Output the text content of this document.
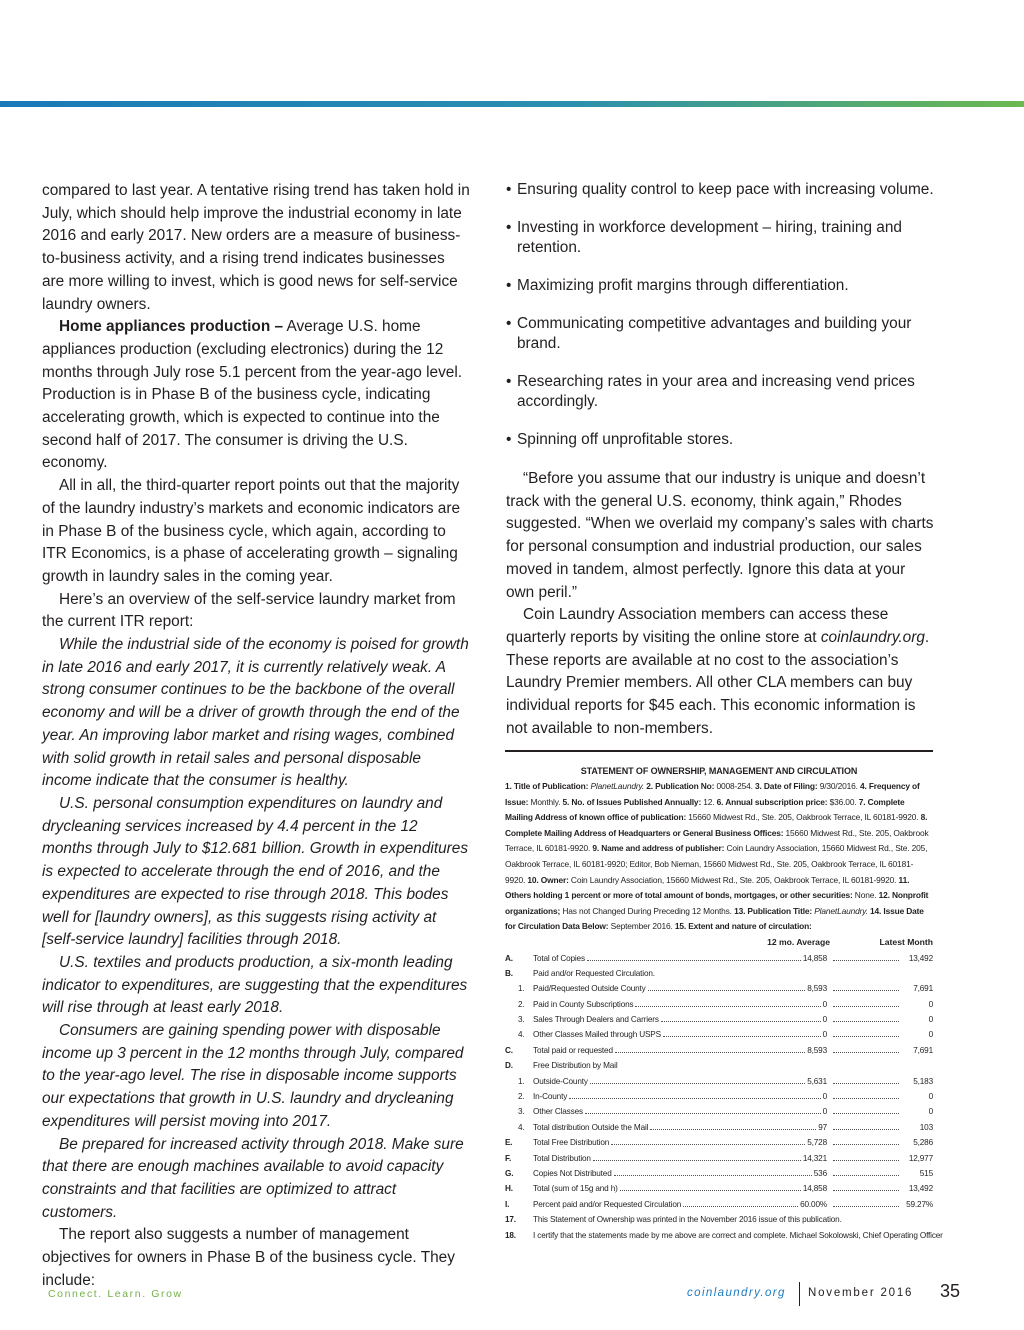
compared to last year. A tentative rising trend has taken hold in July, which should help improve the industrial economy in late 2016 and early 2017. New orders are a measure of business-to-business activity, and a rising trend indicates businesses are more willing to invest, which is good news for self-service laundry owners.

Home appliances production – Average U.S. home appliances production (excluding electronics) during the 12 months through July rose 5.1 percent from the year-ago level. Production is in Phase B of the business cycle, indicating accelerating growth, which is expected to continue into the second half of 2017. The consumer is driving the U.S. economy.

All in all, the third-quarter report points out that the majority of the laundry industry’s markets and economic indicators are in Phase B of the business cycle, which again, according to ITR Economics, is a phase of accelerating growth – signaling growth in laundry sales in the coming year.

Here’s an overview of the self-service laundry market from the current ITR report:

While the industrial side of the economy is poised for growth in late 2016 and early 2017, it is currently relatively weak. A strong consumer continues to be the backbone of the overall economy and will be a driver of growth through the end of the year. An improving labor market and rising wages, combined with solid growth in retail sales and personal disposable income indicate that the consumer is healthy.

U.S. personal consumption expenditures on laundry and drycleaning services increased by 4.4 percent in the 12 months through July to $12.681 billion. Growth in expenditures is expected to accelerate through the end of 2016, and the expenditures are expected to rise through 2018. This bodes well for [laundry owners], as this suggests rising activity at [self-service laundry] facilities through 2018.

U.S. textiles and products production, a six-month leading indicator to expenditures, are suggesting that the expenditures will rise through at least early 2018.

Consumers are gaining spending power with disposable income up 3 percent in the 12 months through July, compared to the year-ago level. The rise in disposable income supports our expectations that growth in U.S. laundry and drycleaning expenditures will persist moving into 2017.

Be prepared for increased activity through 2018. Make sure that there are enough machines available to avoid capacity constraints and that facilities are optimized to attract customers.

The report also suggests a number of management objectives for owners in Phase B of the business cycle. They include:

• Ensuring quality control to keep pace with increasing volume.
• Investing in workforce development – hiring, training and retention.
• Maximizing profit margins through differentiation.
• Communicating competitive advantages and building your brand.
• Researching rates in your area and increasing vend prices accordingly.
• Spinning off unprofitable stores.

“Before you assume that our industry is unique and doesn’t track with the general U.S. economy, think again,” Rhodes suggested. “When we overlaid my company’s sales with charts for personal consumption and industrial production, our sales moved in tandem, almost perfectly. Ignore this data at your own peril.”

Coin Laundry Association members can access these quarterly reports by visiting the online store at coinlaundry.org. These reports are available at no cost to the association’s Laundry Premier members. All other CLA members can buy individual reports for $45 each. This economic information is not available to non-members.

STATEMENT OF OWNERSHIP, MANAGEMENT AND CIRCULATION

1. Title of Publication: PlanetLaundry. 2. Publication No: 0008-254. 3. Date of Filing: 9/30/2016. 4. Frequency of Issue: Monthly. 5. No. of Issues Published Annually: 12. 6. Annual subscription price: $36.00. 7. Complete Mailing Address of known office of publication: 15660 Midwest Rd., Ste. 205, Oakbrook Terrace, IL 60181-9920. 8. Complete Mailing Address of Headquarters or General Business Offices: 15660 Midwest Rd., Ste. 205, Oakbrook Terrace, IL 60181-9920. 9. Name and address of publisher: Coin Laundry Association, 15660 Midwest Rd., Ste. 205, Oakbrook Terrace, IL 60181-9920; Editor, Bob Nieman, 15660 Midwest Rd., Ste. 205, Oakbrook Terrace, IL 60181-9920. 10. Owner: Coin Laundry Association, 15660 Midwest Rd., Ste. 205, Oakbrook Terrace, IL 60181-9920. 11. Others holding 1 percent or more of total amount of bonds, mortgages, or other securities: None. 12. Nonprofit organizations; Has not Changed During Preceding 12 Months. 13. Publication Title: PlanetLaundry. 14. Issue Date for Circulation Data Below: September 2016. 15. Extent and nature of circulation:

12 mo. Average	Latest Month
A.	Total of Copies	14,858	13,492
B.	Paid and/or Requested Circulation.
1.	Paid/Requested Outside County	8,593	7,691
2.	Paid in County Subscriptions	0	0
3.	Sales Through Dealers and Carriers	0	0
4.	Other Classes Mailed through USPS	0	0
C.	Total paid or requested	8,593	7,691
D.	Free Distribution by Mail
1.	Outside-County	5,631	5,183
2.	In-County	0	0
3.	Other Classes	0	0
4.	Total distribution Outside the Mail	97	103
E.	Total Free Distribution	5,728	5,286
F.	Total Distribution	14,321	12,977
G.	Copies Not Distributed	536	515
H.	Total (sum of 15g and h)	14,858	13,492
I.	Percent paid and/or Requested Circulation	60.00%	59.27%
17.	This Statement of Ownership was printed in the November 2016 issue of this publication.
18.	I certify that the statements made by me above are correct and complete. Michael Sokolowski, Chief Operating Officer
Connect. Learn. Grow	coinlaundry.org November 2016 35
